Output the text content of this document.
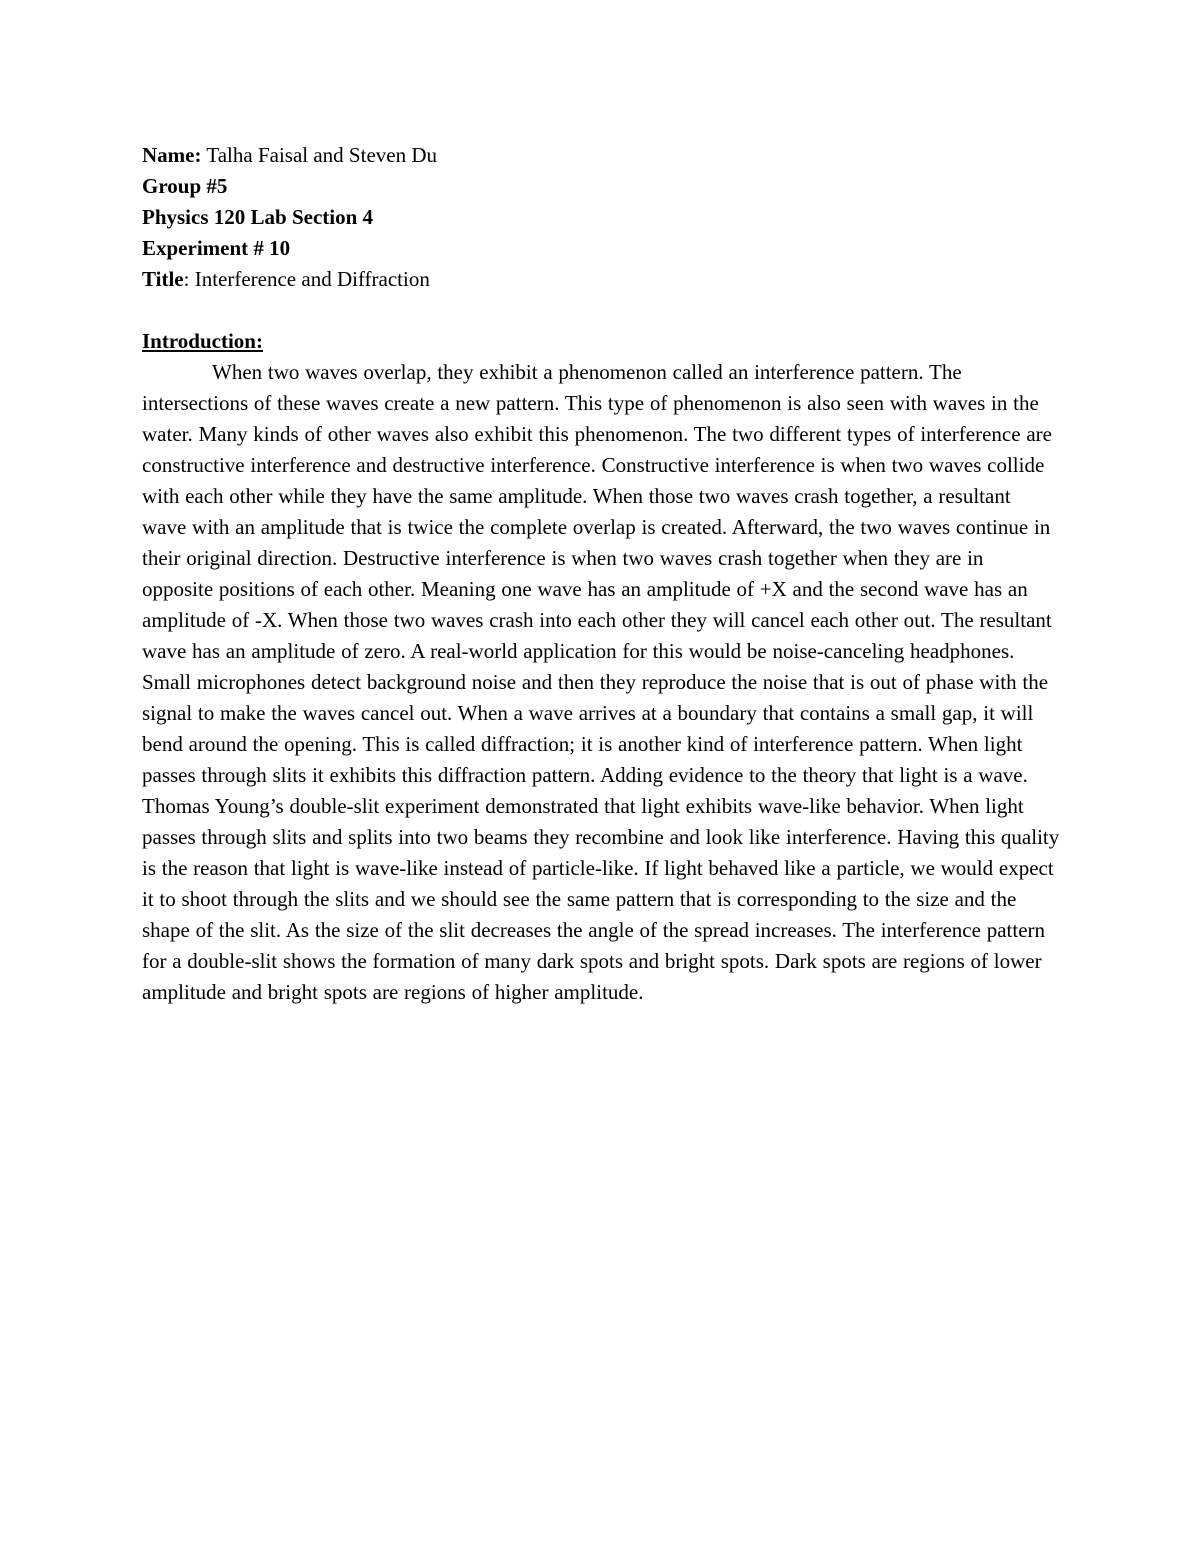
Name: Talha Faisal and Steven Du

Group #5

Physics 120 Lab Section 4

Experiment # 10

Title: Interference and Diffraction

Introduction:

When two waves overlap, they exhibit a phenomenon called an interference pattern. The intersections of these waves create a new pattern. This type of phenomenon is also seen with waves in the water. Many kinds of other waves also exhibit this phenomenon. The two different types of interference are constructive interference and destructive interference. Constructive interference is when two waves collide with each other while they have the same amplitude. When those two waves crash together, a resultant wave with an amplitude that is twice the complete overlap is created. Afterward, the two waves continue in their original direction. Destructive interference is when two waves crash together when they are in opposite positions of each other. Meaning one wave has an amplitude of +X and the second wave has an amplitude of -X. When those two waves crash into each other they will cancel each other out. The resultant wave has an amplitude of zero. A real-world application for this would be noise-canceling headphones. Small microphones detect background noise and then they reproduce the noise that is out of phase with the signal to make the waves cancel out. When a wave arrives at a boundary that contains a small gap, it will bend around the opening. This is called diffraction; it is another kind of interference pattern. When light passes through slits it exhibits this diffraction pattern. Adding evidence to the theory that light is a wave. Thomas Young’s double-slit experiment demonstrated that light exhibits wave-like behavior. When light passes through slits and splits into two beams they recombine and look like interference. Having this quality is the reason that light is wave-like instead of particle-like. If light behaved like a particle, we would expect it to shoot through the slits and we should see the same pattern that is corresponding to the size and the shape of the slit. As the size of the slit decreases the angle of the spread increases. The interference pattern for a double-slit shows the formation of many dark spots and bright spots. Dark spots are regions of lower amplitude and bright spots are regions of higher amplitude.
